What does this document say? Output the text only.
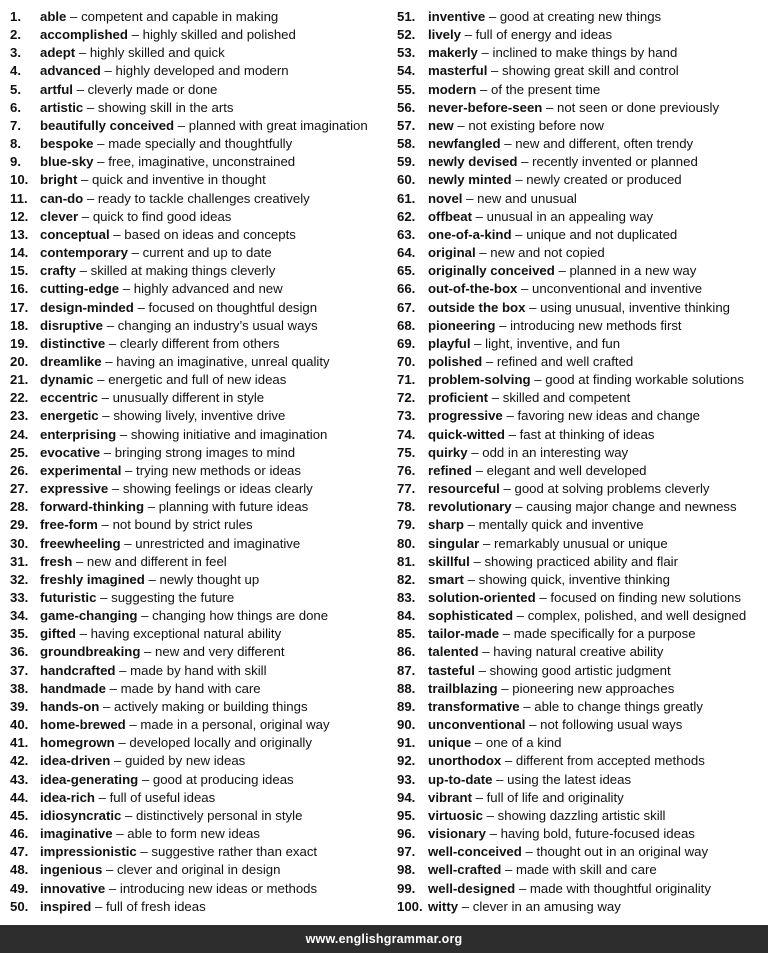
1. able – competent and capable in making
2. accomplished – highly skilled and polished
3. adept – highly skilled and quick
4. advanced – highly developed and modern
5. artful – cleverly made or done
6. artistic – showing skill in the arts
7. beautifully conceived – planned with great imagination
8. bespoke – made specially and thoughtfully
9. blue-sky – free, imaginative, unconstrained
10. bright – quick and inventive in thought
11. can-do – ready to tackle challenges creatively
12. clever – quick to find good ideas
13. conceptual – based on ideas and concepts
14. contemporary – current and up to date
15. crafty – skilled at making things cleverly
16. cutting-edge – highly advanced and new
17. design-minded – focused on thoughtful design
18. disruptive – changing an industry’s usual ways
19. distinctive – clearly different from others
20. dreamlike – having an imaginative, unreal quality
21. dynamic – energetic and full of new ideas
22. eccentric – unusually different in style
23. energetic – showing lively, inventive drive
24. enterprising – showing initiative and imagination
25. evocative – bringing strong images to mind
26. experimental – trying new methods or ideas
27. expressive – showing feelings or ideas clearly
28. forward-thinking – planning with future ideas
29. free-form – not bound by strict rules
30. freewheeling – unrestricted and imaginative
31. fresh – new and different in feel
32. freshly imagined – newly thought up
33. futuristic – suggesting the future
34. game-changing – changing how things are done
35. gifted – having exceptional natural ability
36. groundbreaking – new and very different
37. handcrafted – made by hand with skill
38. handmade – made by hand with care
39. hands-on – actively making or building things
40. home-brewed – made in a personal, original way
41. homegrown – developed locally and originally
42. idea-driven – guided by new ideas
43. idea-generating – good at producing ideas
44. idea-rich – full of useful ideas
45. idiosyncratic – distinctively personal in style
46. imaginative – able to form new ideas
47. impressionistic – suggestive rather than exact
48. ingenious – clever and original in design
49. innovative – introducing new ideas or methods
50. inspired – full of fresh ideas
51. inventive – good at creating new things
52. lively – full of energy and ideas
53. makerly – inclined to make things by hand
54. masterful – showing great skill and control
55. modern – of the present time
56. never-before-seen – not seen or done previously
57. new – not existing before now
58. newfangled – new and different, often trendy
59. newly devised – recently invented or planned
60. newly minted – newly created or produced
61. novel – new and unusual
62. offbeat – unusual in an appealing way
63. one-of-a-kind – unique and not duplicated
64. original – new and not copied
65. originally conceived – planned in a new way
66. out-of-the-box – unconventional and inventive
67. outside the box – using unusual, inventive thinking
68. pioneering – introducing new methods first
69. playful – light, inventive, and fun
70. polished – refined and well crafted
71. problem-solving – good at finding workable solutions
72. proficient – skilled and competent
73. progressive – favoring new ideas and change
74. quick-witted – fast at thinking of ideas
75. quirky – odd in an interesting way
76. refined – elegant and well developed
77. resourceful – good at solving problems cleverly
78. revolutionary – causing major change and newness
79. sharp – mentally quick and inventive
80. singular – remarkably unusual or unique
81. skillful – showing practiced ability and flair
82. smart – showing quick, inventive thinking
83. solution-oriented – focused on finding new solutions
84. sophisticated – complex, polished, and well designed
85. tailor-made – made specifically for a purpose
86. talented – having natural creative ability
87. tasteful – showing good artistic judgment
88. trailblazing – pioneering new approaches
89. transformative – able to change things greatly
90. unconventional – not following usual ways
91. unique – one of a kind
92. unorthodox – different from accepted methods
93. up-to-date – using the latest ideas
94. vibrant – full of life and originality
95. virtuosic – showing dazzling artistic skill
96. visionary – having bold, future-focused ideas
97. well-conceived – thought out in an original way
98. well-crafted – made with skill and care
99. well-designed – made with thoughtful originality
100. witty – clever in an amusing way
www.englishgrammar.org
